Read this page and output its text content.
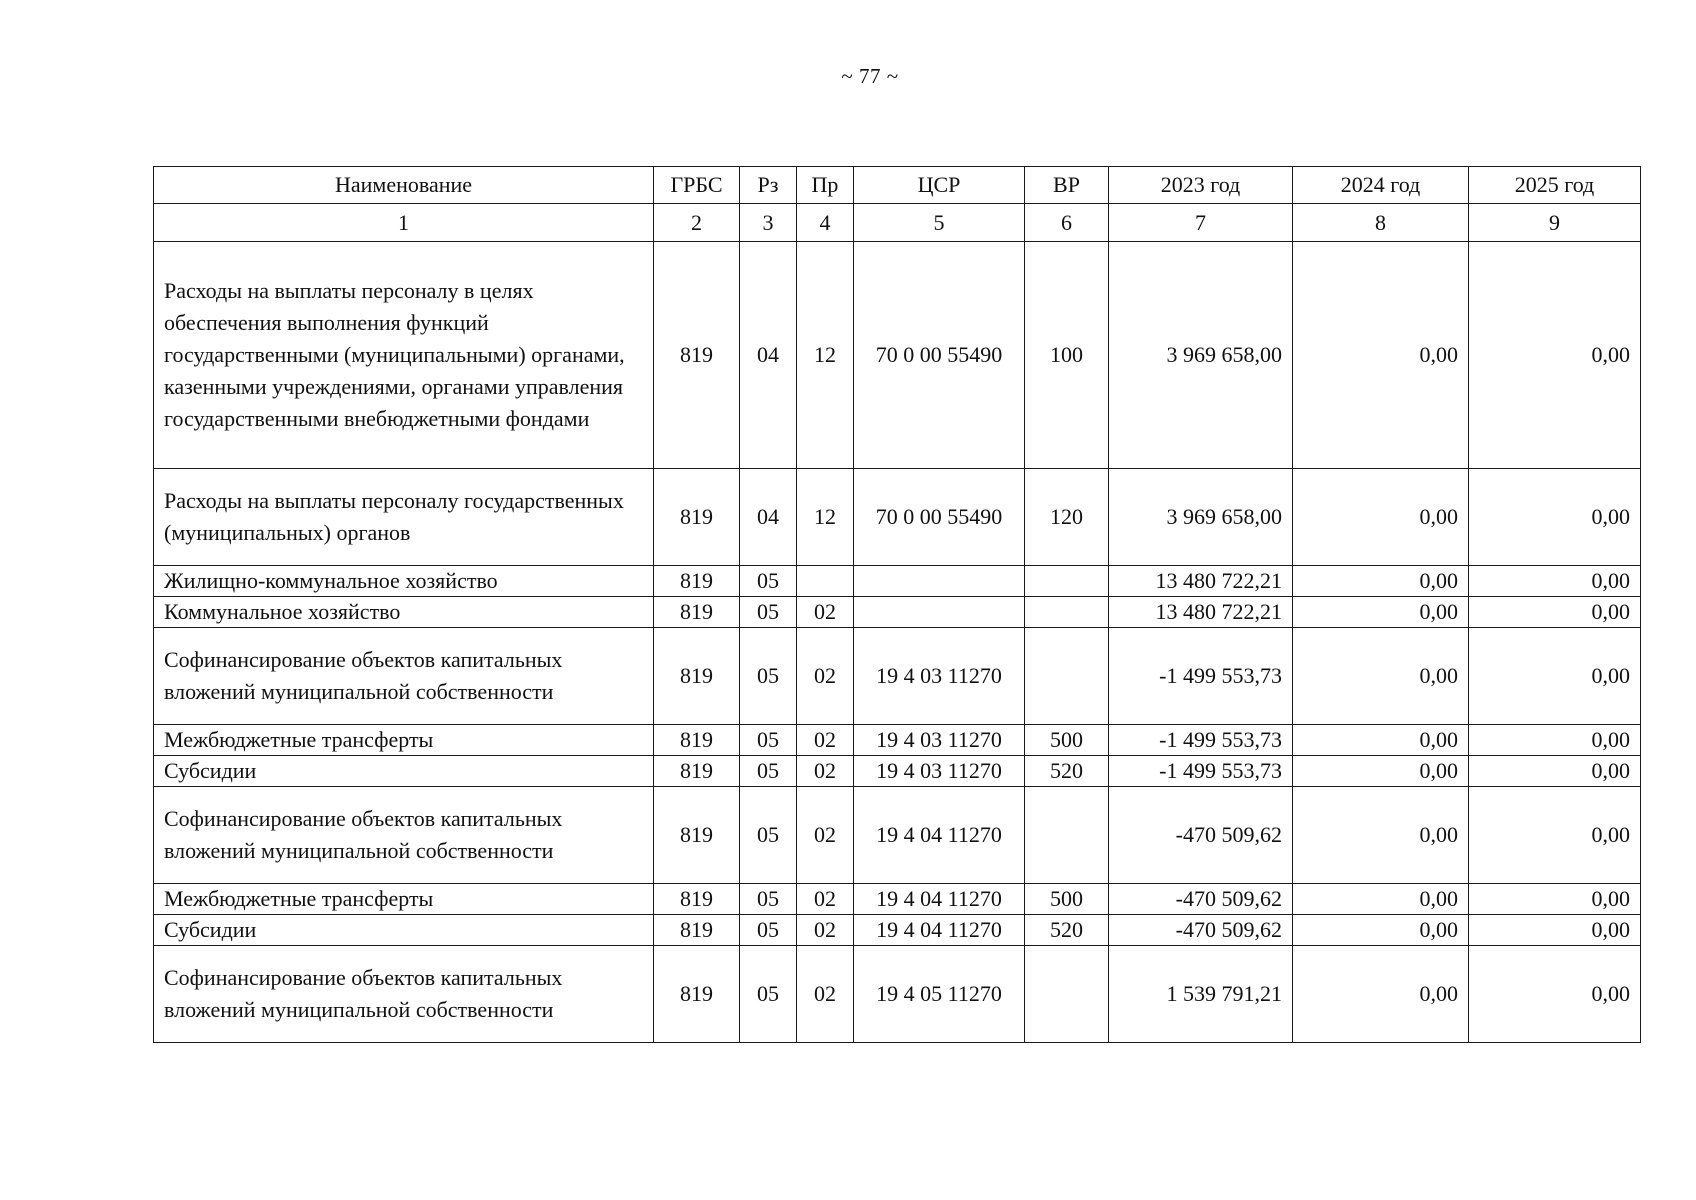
~ 77 ~
Наименование	ГРБС	Рз	Пр	ЦСР	ВР	2023 год	2024 год	2025 год
1	2	3	4	5	6	7	8	9
Расходы на выплаты персоналу в целях обеспечения выполнения функций государственными (муниципальными) органами, казенными учреждениями, органами управления государственными внебюджетными фондами	819	04	12	70 0 00 55490	100	3 969 658,00	0,00	0,00
Расходы на выплаты персоналу государственных (муниципальных) органов	819	04	12	70 0 00 55490	120	3 969 658,00	0,00	0,00
Жилищно-коммунальное хозяйство	819	05				13 480 722,21	0,00	0,00
Коммунальное хозяйство	819	05	02			13 480 722,21	0,00	0,00
Софинансирование объектов капитальных вложений муниципальной собственности	819	05	02	19 4 03 11270		-1 499 553,73	0,00	0,00
Межбюджетные трансферты	819	05	02	19 4 03 11270	500	-1 499 553,73	0,00	0,00
Субсидии	819	05	02	19 4 03 11270	520	-1 499 553,73	0,00	0,00
Софинансирование объектов капитальных вложений муниципальной собственности	819	05	02	19 4 04 11270		-470 509,62	0,00	0,00
Межбюджетные трансферты	819	05	02	19 4 04 11270	500	-470 509,62	0,00	0,00
Субсидии	819	05	02	19 4 04 11270	520	-470 509,62	0,00	0,00
Софинансирование объектов капитальных вложений муниципальной собственности	819	05	02	19 4 05 11270		1 539 791,21	0,00	0,00
